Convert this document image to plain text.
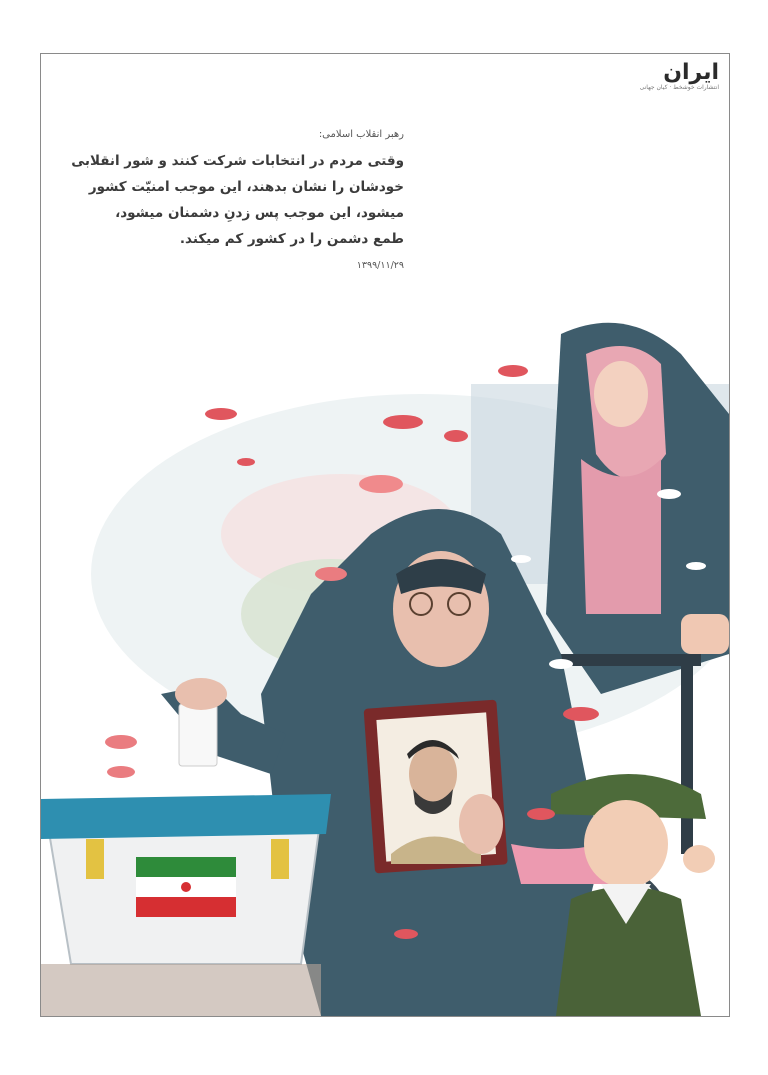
ایران
انتشارات خوشخط · کیان جهانی
رهبر انقلاب اسلامی:
وقتی مردم در انتخابات شرکت کنند و شور انقلابی
خودشان را نشان بدهند، این موجب امنیّت کشور
میشود، این موجب پس زدنِ دشمنان میشود،
طمع دشمن را در کشور کم میکند.
۱۳۹۹/۱۱/۲۹
